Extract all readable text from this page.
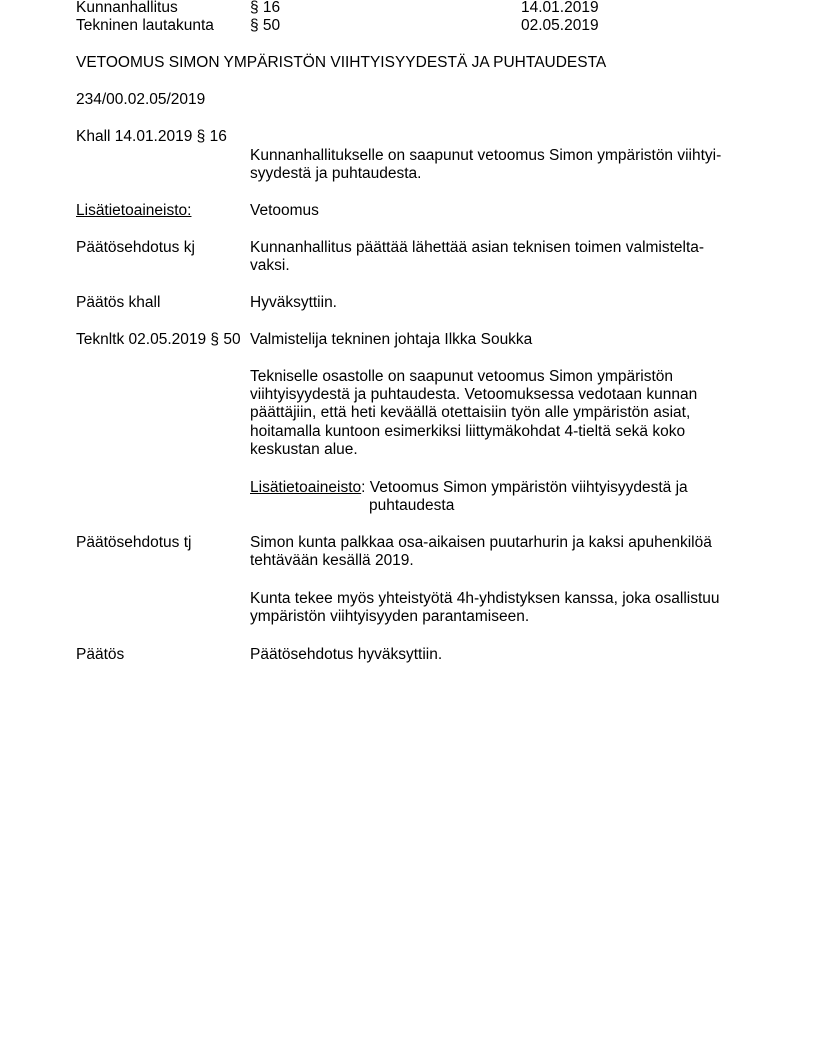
Kunnanhallitus	§ 16	14.01.2019
Tekninen lautakunta § 50	02.05.2019
VETOOMUS SIMON YMPÄRISTÖN VIIHTYISYYDESTÄ JA PUHTAUDESTA
234/00.02.05/2019
Khall 14.01.2019 § 16
Kunnanhallitukselle on saapunut vetoomus Simon ympäristön viihtyi-
syydestä ja puhtaudesta.
Lisätietoaineisto:	Vetoomus
Päätösehdotus kj	Kunnanhallitus päättää lähettää asian teknisen toimen valmistelta-
vaksi.
Päätös khall	Hyväksyttiin.
Teknltk 02.05.2019 § 50 Valmistelija tekninen johtaja Ilkka Soukka
Tekniselle osastolle on saapunut vetoomus Simon ympäristön
viihtyisyydestä ja puhtaudesta. Vetoomuksessa vedotaan kunnan
päättäjiin, että heti keväällä otettaisiin työn alle ympäristön asiat,
hoitamalla kuntoon esimerkiksi liittymäkohdat 4-tieltä sekä koko
keskustan alue.
Lisätietoaineisto: Vetoomus Simon ympäristön viihtyisyydestä ja
puhtaudesta
Päätösehdotus tj	Simon kunta palkkaa osa-aikaisen puutarhurin ja kaksi apuhenkilöä
tehtävään kesällä 2019.
Kunta tekee myös yhteistyötä 4h-yhdistyksen kanssa, joka osallistuu
ympäristön viihtyisyyden parantamiseen.
Päätös	Päätösehdotus hyväksyttiin.
